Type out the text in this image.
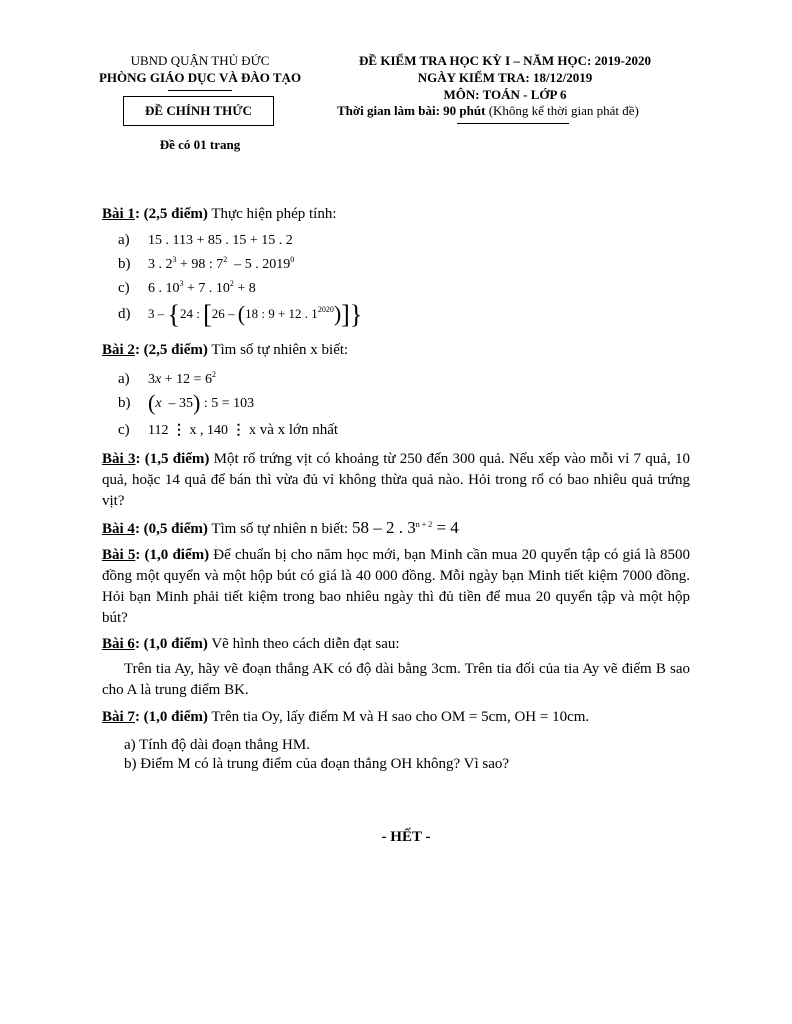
UBND QUẬN THỦ ĐỨC
PHÒNG GIÁO DỤC VÀ ĐÀO TẠO
ĐỀ CHÍNH THỨC
Đề có 01 trang
ĐỀ KIỂM TRA HỌC KỲ I – NĂM HỌC: 2019-2020
NGÀY KIỂM TRA: 18/12/2019
MÔN: TOÁN - LỚP 6
Thời gian làm bài: 90 phút (Không kể thời gian phát đề)
Bài 1: (2,5 điểm) Thực hiện phép tính:
a) 15 . 113 + 85 . 15 + 15 . 2
b) 3 . $2^3 + 98$ : $7^2 - 5$ . 2019$^0$
c) 6 . $10^3 + 7$ . $10^2 + 8$
d) 3 – {24 : [26 – (18 : 9 + 12 . $1^{2020}$)]}
Bài 2: (2,5 điểm) Tìm số tự nhiên x biết:
a) $3x + 12 = 6^2$
b) (x  – 35) : 5 = 103
c) 112 ⋮ x , 140 ⋮ x và x lớn nhất
Bài 3: (1,5 điểm) Một rổ trứng vịt có khoảng từ 250 đến 300 quả. Nếu xếp vào mỗi vỉ 7 quả, 10 quả, hoặc 14 quả để bán thì vừa đủ vỉ không thừa quả nào. Hỏi trong rổ có bao nhiêu quả trứng vịt?
Bài 4: (0,5 điểm) Tìm số tự nhiên n biết: 58 – 2 . $3^{n + 2} = 4$
Bài 5: (1,0 điểm) Để chuẩn bị cho năm học mới, bạn Minh cần mua 20 quyển tập có giá là 8500 đồng một quyển và một hộp bút có giá là 40 000 đồng. Mỗi ngày bạn Minh tiết kiệm 7000 đồng. Hỏi bạn Minh phải tiết kiệm trong bao nhiêu ngày thì đủ tiền để mua 20 quyển tập và một hộp bút?
Bài 6: (1,0 điểm) Vẽ hình theo cách diễn đạt sau:
Trên tia Ay, hãy vẽ đoạn thẳng AK có độ dài bằng 3cm. Trên tia đối của tia Ay vẽ điểm B sao cho A là trung điểm BK.
Bài 7: (1,0 điểm) Trên tia Oy, lấy điểm M và H sao cho OM = 5cm, OH = 10cm.
a) Tính độ dài đoạn thẳng HM.
b) Điểm M có là trung điểm của đoạn thẳng OH không? Vì sao?
- HẾT -
